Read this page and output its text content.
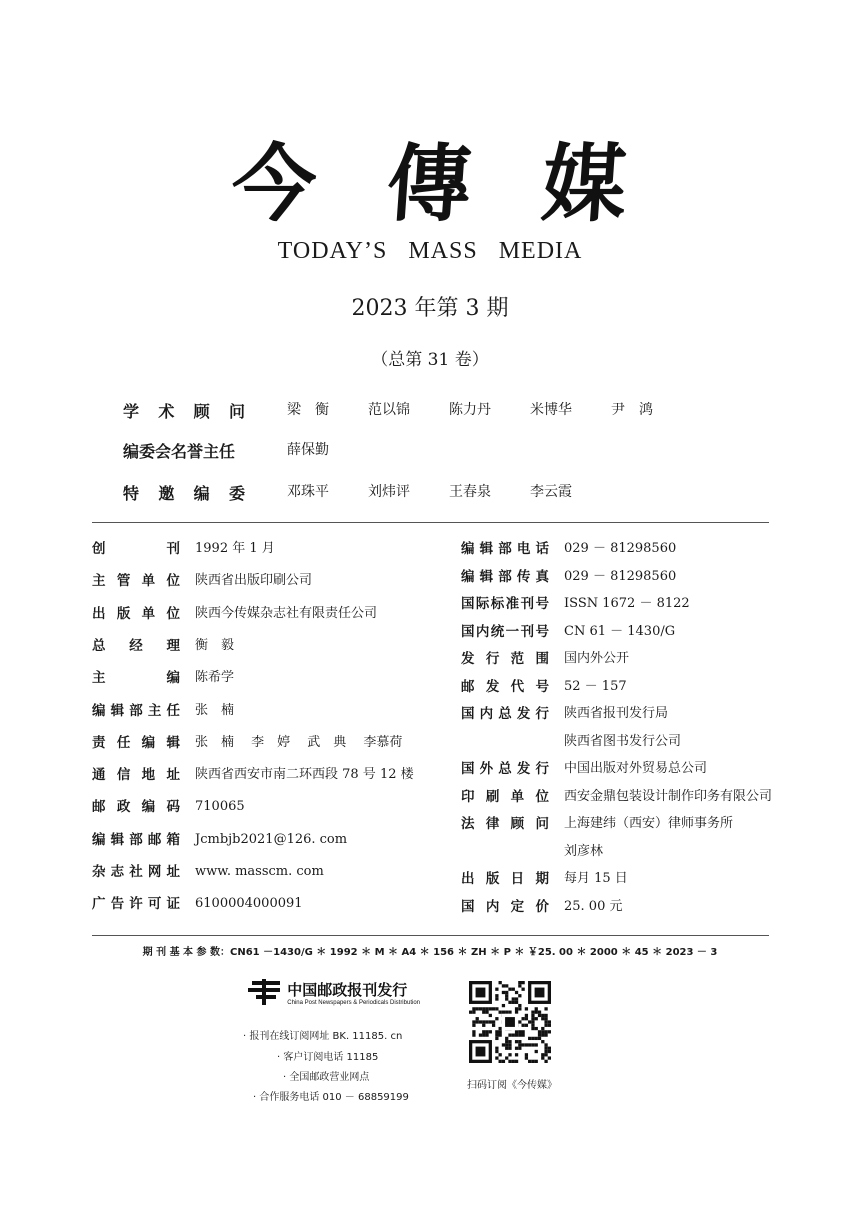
今 傳 媒
TODAY’S MASS MEDIA
2023 年第 3 期
（总第 31 卷）
学 术 顾 问	梁　衡	范以锦	陈力丹	米博华	尹　鸿
编委会名誉主任	薛保勤
特 邀 编 委	邓珠平	刘炜评	王春泉	李云霞
创	刊 1992 年 1 月
主 管 单 位 陕西省出版印刷公司
出 版 单 位 陕西今传媒杂志社有限责任公司
总 经 理 衡　毅
主	编 陈希学
编 辑 部 主 任 张　楠
责 任 编 辑 张　楠　 李　婷　 武　典　 李慕荷
通 信 地 址 陕西省西安市南二环西段 78 号 12 楼
邮 政 编 码 710065
编 辑 部 邮 箱 Jcmbjb2021@126. com
杂 志 社 网 址 www. masscm. com
广 告 许 可 证 6100004000091
编 辑 部 电 话 029 － 81298560
编 辑 部 传 真 029 － 81298560
国 际 标 准 刊 号 ISSN 1672 － 8122
国 内 统 一 刊 号 CN 61 － 1430/G
发 行 范 围 国内外公开
邮 发 代 号 52 － 157
国 内 总 发 行 陕西省报刊发行局
陕西省图书发行公司
国 外 总 发 行 中国出版对外贸易总公司
印 刷 单 位 西安金鼎包装设计制作印务有限公司
法 律 顾 问 上海建纬（西安）律师事务所
刘彦林
出 版 日 期 每月 15 日
国 内 定 价 25. 00 元
期 刊 基 本 参 数：CN61 －1430/G ＊ 1992 ＊ M ＊ A4 ＊ 156 ＊ ZH ＊ P ＊ ￥25. 00 ＊ 2000 ＊ 45 ＊ 2023 － 3
中国邮政报刊发行
China Post Newspapers & Periodicals Distribution
· 报刊在线订阅网址 BK. 11185. cn
· 客户订阅电话 11185
· 全国邮政营业网点
· 合作服务电话 010 － 68859199
扫码订阅《今传媒》
